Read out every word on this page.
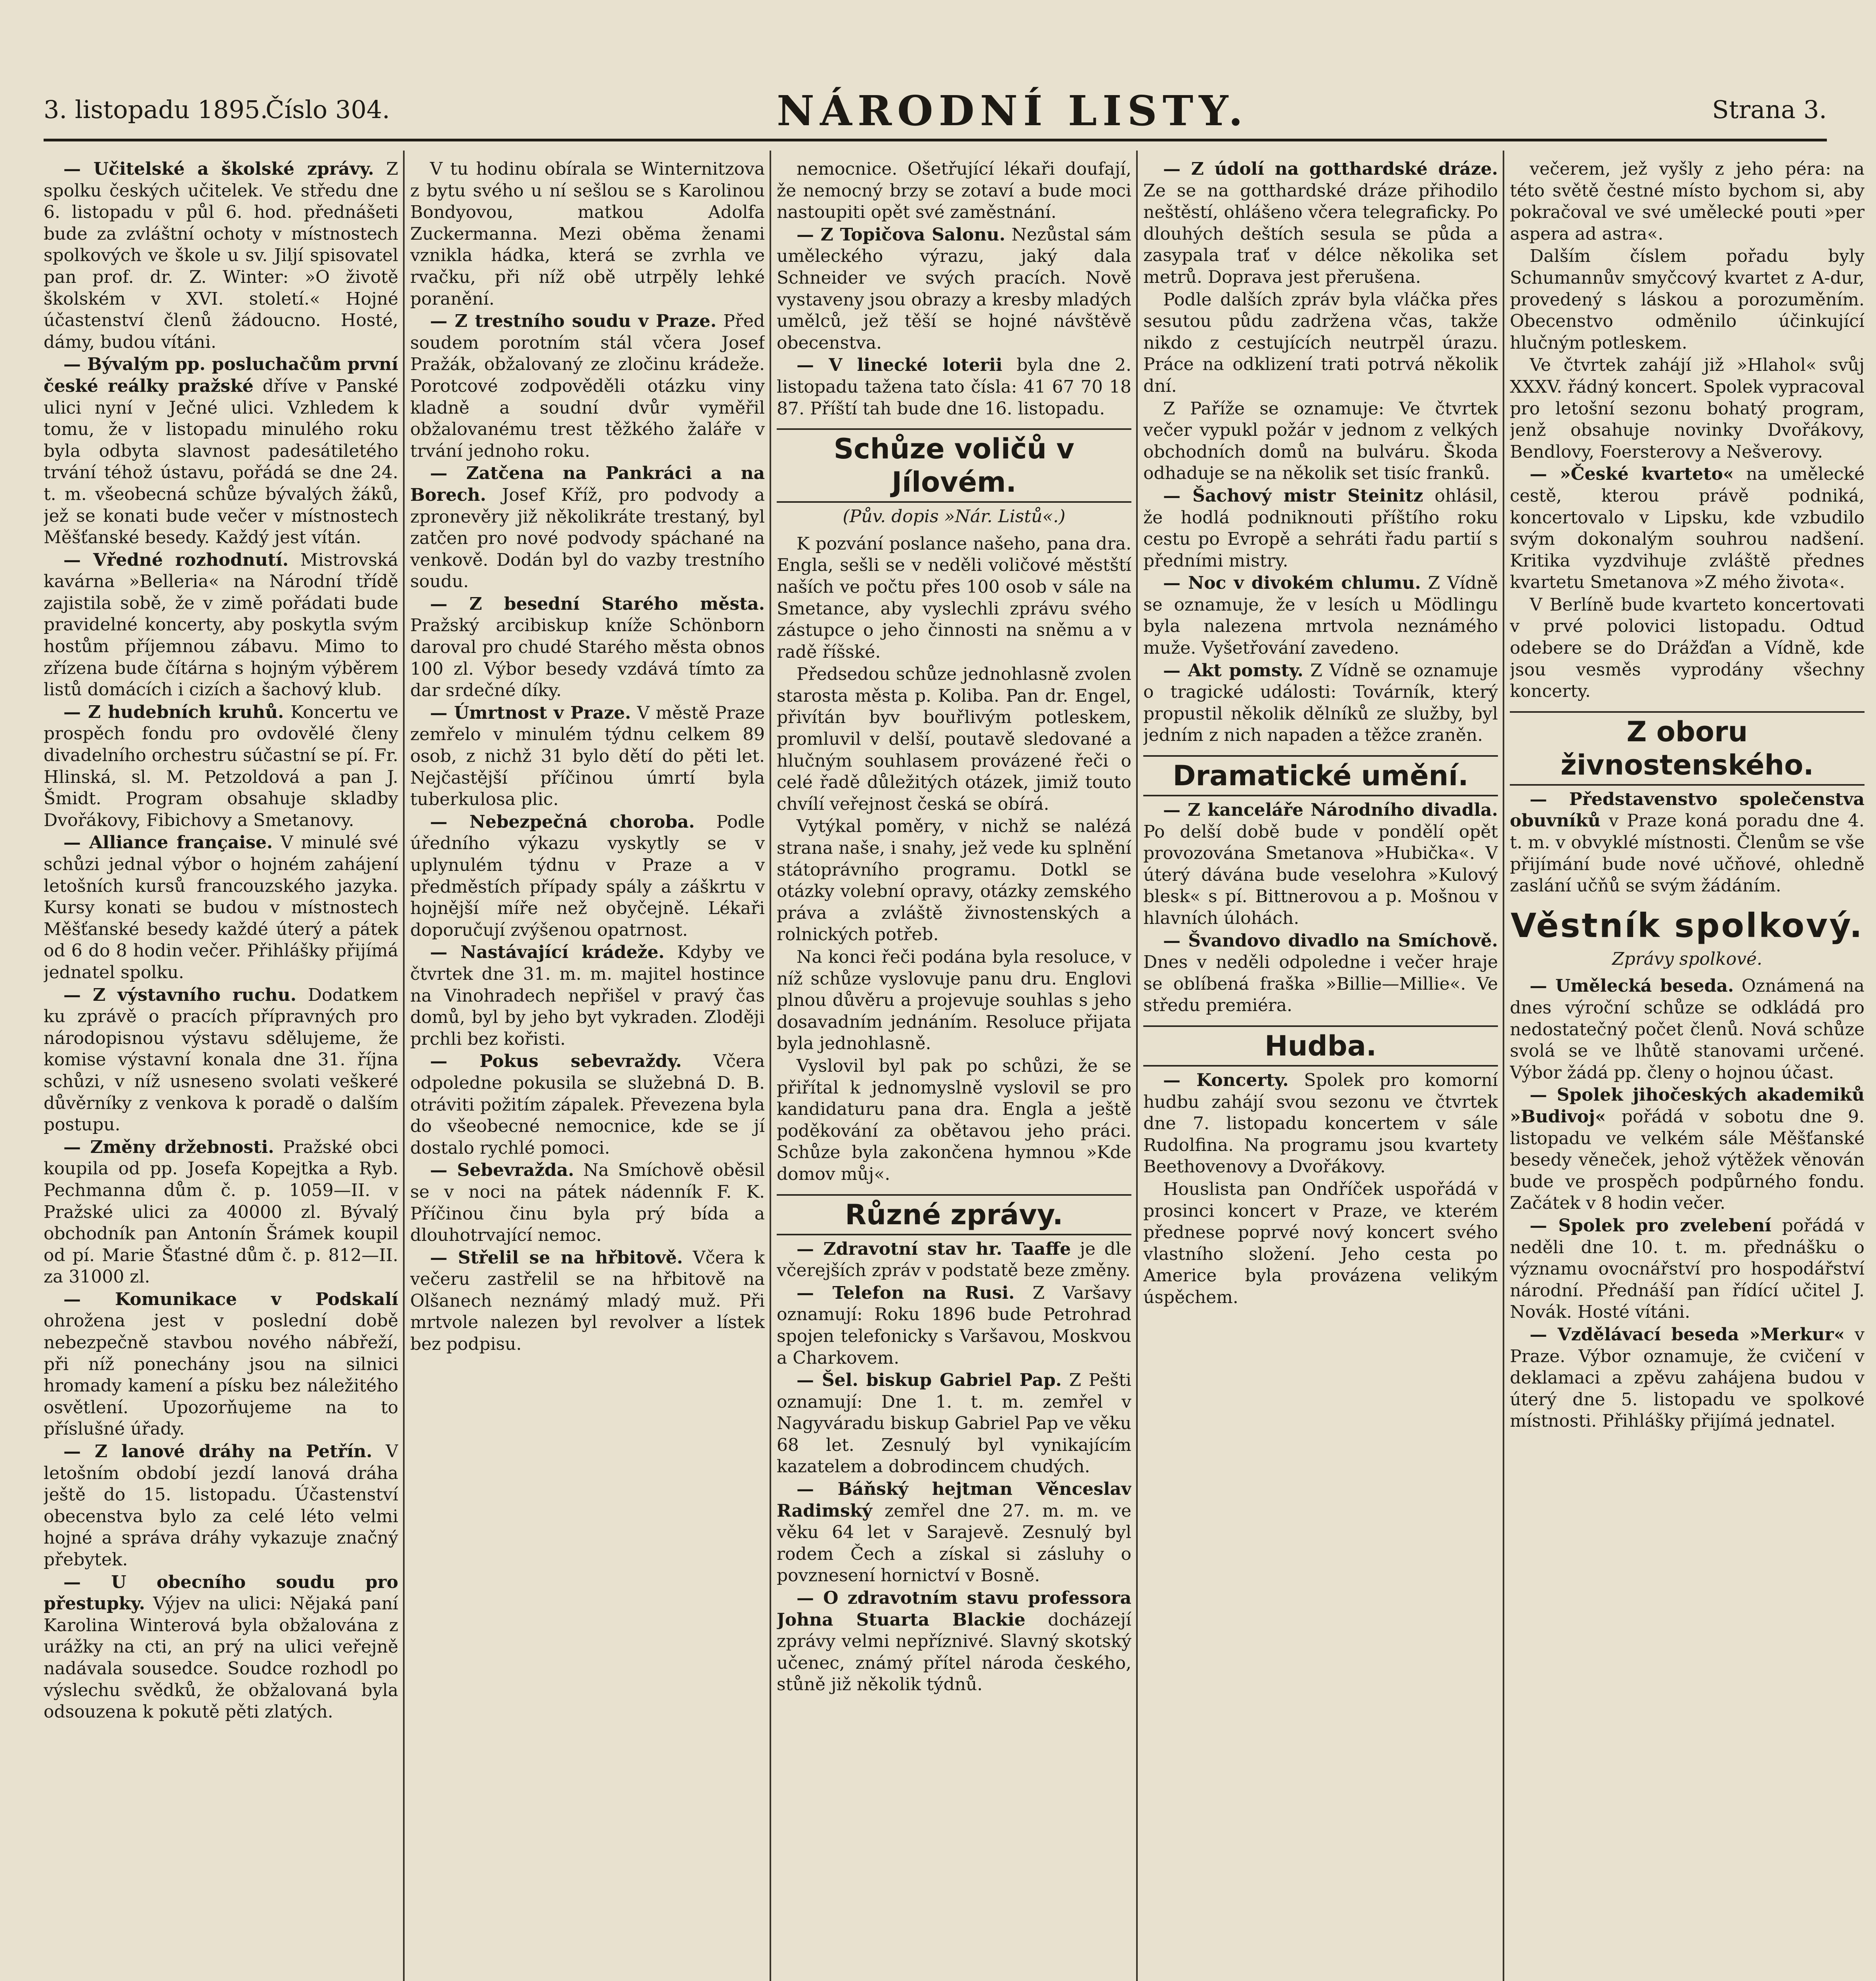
3. listopadu 1895.
Číslo 304.	NÁRODNÍ LISTY.	Strana 3.

— Učitelské a školské zprávy. Z spolku českých učitelek. Ve středu dne 6. listopadu v půl 6. hod. přednášeti bude za zvláštní ochoty v místnostech spolkových ve škole u sv. Jiljí spisovatel pan prof. dr. Z. Winter: »O životě školském v XVI. století.« Hojné účastenství členů žádoucno. Hosté, dámy, budou vítáni.

— Bývalým pp. posluchačům první české reálky pražské dříve v Panské ulici nyní v Ječné ulici. Vzhledem k tomu, že v listopadu minulého roku byla odbyta slavnost padesátiletého trvání téhož ústavu, pořádá se dne 24. t. m. všeobecná schůze bývalých žáků, jež se konati bude večer v místnostech Měšťanské besedy. Každý jest vítán.

— Vředné rozhodnutí. Mistrovská kavárna »Belleria« na Národní třídě zajistila sobě, že v zimě pořádati bude pravidelné koncerty, aby poskytla svým hostům příjemnou zábavu. Mimo to zřízena bude čítárna s hojným výběrem listů domácích i cizích a šachový klub.

— Z hudebních kruhů. Koncertu ve prospěch fondu pro ovdovělé členy divadelního orchestru súčastní se pí. Fr. Hlinská, sl. M. Petzoldová a pan J. Šmidt. Program obsahuje skladby Dvořákovy, Fibichovy a Smetanovy.

— Alliance française. V minulé své schůzi jednal výbor o hojném zahájení letošních kursů francouzského jazyka. Kursy konati se budou v místnostech Měšťanské besedy každé úterý a pátek od 6 do 8 hodin večer. Přihlášky přijímá jednatel spolku.

— Z výstavního ruchu. Dodatkem ku zprávě o pracích přípravných pro národopisnou výstavu sdělujeme, že komise výstavní konala dne 31. října schůzi, v níž usneseno svolati veškeré důvěrníky z venkova k poradě o dalším postupu.

— Změny držebnosti. Pražské obci koupila od pp. Josefa Kopejtka a Ryb. Pechmanna dům č. p. 1059—II. v Pražské ulici za 40000 zl. Bývalý obchodník pan Antonín Šrámek koupil od pí. Marie Šťastné dům č. p. 812—II. za 31000 zl.

— Komunikace v Podskalí ohrožena jest v poslední době nebezpečně stavbou nového nábřeží, při níž ponechány jsou na silnici hromady kamení a písku bez náležitého osvětlení. Upozorňujeme na to příslušné úřady.

— Z lanové dráhy na Petřín. V letošním období jezdí lanová dráha ještě do 15. listopadu. Účastenství obecenstva bylo za celé léto velmi hojné a správa dráhy vykazuje značný přebytek.

— U obecního soudu pro přestupky. Výjev na ulici: Nějaká paní Karolina Winterová byla obžalována z urážky na cti, an prý na ulici veřejně nadávala sousedce. Soudce rozhodl po výslechu svědků, že obžalovaná byla odsouzena k pokutě pěti zlatých.

V tu hodinu obírala se Winternitzova z bytu svého u ní sešlou se s Karolinou Bondyovou, matkou Adolfa Zuckermanna. Mezi oběma ženami vznikla hádka, která se zvrhla ve rvačku, při níž obě utrpěly lehké poranění.

— Z trestního soudu v Praze. Před soudem porotním stál včera Josef Pražák, obžalovaný ze zločinu krádeže. Porotcové zodpověděli otázku viny kladně a soudní dvůr vyměřil obžalovanému trest těžkého žaláře v trvání jednoho roku.

— Zatčena na Pankráci a na Borech. Josef Kříž, pro podvody a zpronevěry již několikráte trestaný, byl zatčen pro nové podvody spáchané na venkově. Dodán byl do vazby trestního soudu.

— Z besední Starého města. Pražský arcibiskup kníže Schönborn daroval pro chudé Starého města obnos 100 zl. Výbor besedy vzdává tímto za dar srdečné díky.

— Úmrtnost v Praze. V městě Praze zemřelo v minulém týdnu celkem 89 osob, z nichž 31 bylo dětí do pěti let. Nejčastější příčinou úmrtí byla tuberkulosa plic.

— Nebezpečná choroba. Podle úředního výkazu vyskytly se v uplynulém týdnu v Praze a v předměstích případy spály a záškrtu v hojnější míře než obyčejně. Lékaři doporučují zvýšenou opatrnost.

— Nastávající krádeže. Kdyby ve čtvrtek dne 31. m. m. majitel hostince na Vinohradech nepřišel v pravý čas domů, byl by jeho byt vykraden. Zloději prchli bez kořisti.

— Pokus sebevraždy. Včera odpoledne pokusila se služebná D. B. otráviti požitím zápalek. Převezena byla do všeobecné nemocnice, kde se jí dostalo rychlé pomoci.

— Sebevražda. Na Smíchově oběsil se v noci na pátek nádenník F. K. Příčinou činu byla prý bída a dlouhotrvající nemoc.

— Střelil se na hřbitově. Včera k večeru zastřelil se na hřbitově na Olšanech neznámý mladý muž. Při mrtvole nalezen byl revolver a lístek bez podpisu.

nemocnice. Ošetřující lékaři doufají, že nemocný brzy se zotaví a bude moci nastoupiti opět své zaměstnání.

— Z Topičova Salonu. Nezůstal sám uměleckého výrazu, jaký dala Schneider ve svých pracích. Nově vystaveny jsou obrazy a kresby mladých umělců, jež těší se hojné návštěvě obecenstva.

— V linecké loterii byla dne 2. listopadu tažena tato čísla: 41 67 70 18 87. Příští tah bude dne 16. listopadu.

Schůze voličů v Jílovém.
(Pův. dopis »Nár. Listů«.)

K pozvání poslance našeho, pana dra. Engla, sešli se v neděli voličové městští naších ve počtu přes 100 osob v sále na Smetance, aby vyslechli zprávu svého zástupce o jeho činnosti na sněmu a v radě říšské.

Předsedou schůze jednohlasně zvolen starosta města p. Koliba. Pan dr. Engel, přivítán byv bouřlivým potleskem, promluvil v delší, poutavě sledované a hlučným souhlasem provázené řeči o celé řadě důležitých otázek, jimiž touto chvílí veřejnost česká se obírá.

Vytýkal poměry, v nichž se nalézá strana naše, i snahy, jež vede ku splnění státoprávního programu. Dotkl se otázky volební opravy, otázky zemského práva a zvláště živnostenských a rolnických potřeb.

Na konci řeči podána byla resoluce, v níž schůze vyslovuje panu dru. Englovi plnou důvěru a projevuje souhlas s jeho dosavadním jednáním. Resoluce přijata byla jednohlasně.

Vyslovil byl pak po schůzi, že se přiřítal k jednomyslně vyslovil se pro kandidaturu pana dra. Engla a ještě poděkování za obětavou jeho práci. Schůze byla zakončena hymnou »Kde domov můj«.

Různé zprávy.

— Zdravotní stav hr. Taaffe je dle včerejších zpráv v podstatě beze změny.

— Telefon na Rusi. Z Varšavy oznamují: Roku 1896 bude Petrohrad spojen telefonicky s Varšavou, Moskvou a Charkovem.

— Šel. biskup Gabriel Pap. Z Pešti oznamují: Dne 1. t. m. zemřel v Nagyváradu biskup Gabriel Pap ve věku 68 let. Zesnulý byl vynikajícím kazatelem a dobrodincem chudých.

— Báňský hejtman Věnceslav Radimský zemřel dne 27. m. m. ve věku 64 let v Sarajevě. Zesnulý byl rodem Čech a získal si zásluhy o povznesení hornictví v Bosně.

— O zdravotním stavu professora Johna Stuarta Blackie docházejí zprávy velmi nepříznivé. Slavný skotský učenec, známý přítel národa českého, stůně již několik týdnů.

— Z údolí na gotthardské dráze. Ze se na gotthardské dráze přihodilo neštěstí, ohlášeno včera telegraficky. Po dlouhých deštích sesula se půda a zasypala trať v délce několika set metrů. Doprava jest přerušena.

Podle dalších zpráv byla vláčka přes sesutou půdu zadržena včas, takže nikdo z cestujících neutrpěl úrazu. Práce na odklizení trati potrvá několik dní.

Z Paříže se oznamuje: Ve čtvrtek večer vypukl požár v jednom z velkých obchodních domů na bulváru. Škoda odhaduje se na několik set tisíc franků.

— Šachový mistr Steinitz ohlásil, že hodlá podniknouti příštího roku cestu po Evropě a sehráti řadu partií s předními mistry.

— Noc v divokém chlumu. Z Vídně se oznamuje, že v lesích u Mödlingu byla nalezena mrtvola neznámého muže. Vyšetřování zavedeno.

— Akt pomsty. Z Vídně se oznamuje o tragické události: Továrník, který propustil několik dělníků ze služby, byl jedním z nich napaden a těžce zraněn.

Dramatické umění.

— Z kanceláře Národního divadla. Po delší době bude v pondělí opět provozována Smetanova »Hubička«. V úterý dávána bude veselohra »Kulový blesk« s pí. Bittnerovou a p. Mošnou v hlavních úlohách.

— Švandovo divadlo na Smíchově. Dnes v neděli odpoledne i večer hraje se oblíbená fraška »Billie—Millie«. Ve středu premiéra.

Hudba.

— Koncerty. Spolek pro komorní hudbu zahájí svou sezonu ve čtvrtek dne 7. listopadu koncertem v sále Rudolfina. Na programu jsou kvartety Beethovenovy a Dvořákovy.

Houslista pan Ondříček uspořádá v prosinci koncert v Praze, ve kterém přednese poprvé nový koncert svého vlastního složení. Jeho cesta po Americe byla provázena velikým úspěchem.

večerem, jež vyšly z jeho péra: na této světě čestné místo bychom si, aby pokračoval ve své umělecké pouti »per aspera ad astra«.

Dalším číslem pořadu byly Schumannův smyčcový kvartet z A-dur, provedený s láskou a porozuměním. Obecenstvo odměnilo účinkující hlučným potleskem.

Ve čtvrtek zahájí již »Hlahol« svůj XXXV. řádný koncert. Spolek vypracoval pro letošní sezonu bohatý program, jenž obsahuje novinky Dvořákovy, Bendlovy, Foersterovy a Nešverovy.

— »České kvarteto« na umělecké cestě, kterou právě podniká, koncertovalo v Lipsku, kde vzbudilo svým dokonalým souhrou nadšení. Kritika vyzdvihuje zvláště přednes kvartetu Smetanova »Z mého života«.

V Berlíně bude kvarteto koncertovati v prvé polovici listopadu. Odtud odebere se do Drážďan a Vídně, kde jsou vesměs vyprodány všechny koncerty.

Z oboru živnostenského.

— Představenstvo společenstva obuvníků v Praze koná poradu dne 4. t. m. v obvyklé místnosti. Členům se vše přijímání bude nové učňové, ohledně zaslání učňů se svým žádáním.

Věstník spolkový.
Zprávy spolkové.

— Umělecká beseda. Oznámená na dnes výroční schůze se odkládá pro nedostatečný počet členů. Nová schůze svolá se ve lhůtě stanovami určené. Výbor žádá pp. členy o hojnou účast.

— Spolek jihočeských akademiků »Budivoj« pořádá v sobotu dne 9. listopadu ve velkém sále Měšťanské besedy věneček, jehož výtěžek věnován bude ve prospěch podpůrného fondu. Začátek v 8 hodin večer.

— Spolek pro zvelebení pořádá v neděli dne 10. t. m. přednášku o významu ovocnářství pro hospodářství národní. Přednáší pan řídící učitel J. Novák. Hosté vítáni.

— Vzdělávací beseda »Merkur« v Praze. Výbor oznamuje, že cvičení v deklamaci a zpěvu zahájena budou v úterý dne 5. listopadu ve spolkové místnosti. Přihlášky přijímá jednatel.
